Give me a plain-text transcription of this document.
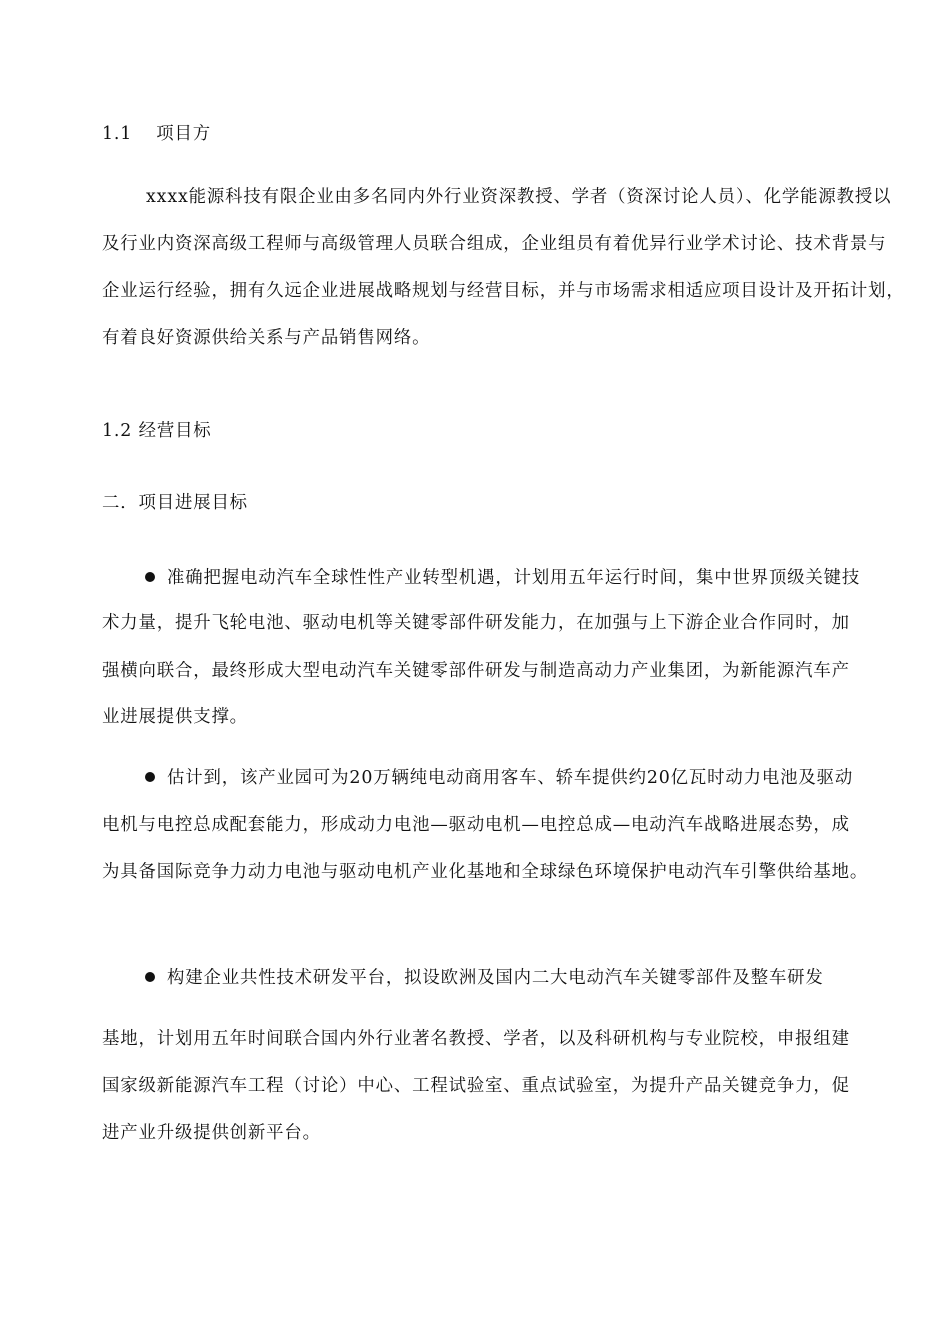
1.1 项目方
xxxx能源科技有限企业由多名同内外行业资深教授、学者（资深讨论人员）、化学能源教授以
及行业内资深高级工程师与高级管理人员联合组成，企业组员有着优异行业学术讨论、技术背景与
企业运行经验，拥有久远企业进展战略规划与经营目标，并与市场需求相适应项目设计及开拓计划，
有着良好资源供给关系与产品销售网络。
1.2 经营目标
二．项目进展目标
准确把握电动汽车全球性性产业转型机遇，计划用五年运行时间，集中世界顶级关键技
术力量，提升飞轮电池、驱动电机等关键零部件研发能力，在加强与上下游企业合作同时，加
强横向联合，最终形成大型电动汽车关键零部件研发与制造高动力产业集团，为新能源汽车产
业进展提供支撑。
估计到，该产业园可为20万辆纯电动商用客车、轿车提供约20亿瓦时动力电池及驱动
电机与电控总成配套能力，形成动力电池—驱动电机—电控总成—电动汽车战略进展态势，成
为具备国际竞争力动力电池与驱动电机产业化基地和全球绿色环境保护电动汽车引擎供给基地。
构建企业共性技术研发平台，拟设欧洲及国内二大电动汽车关键零部件及整车研发
基地，计划用五年时间联合国内外行业著名教授、学者，以及科研机构与专业院校，申报组建
国家级新能源汽车工程（讨论）中心、工程试验室、重点试验室，为提升产品关键竞争力，促
进产业升级提供创新平台。
